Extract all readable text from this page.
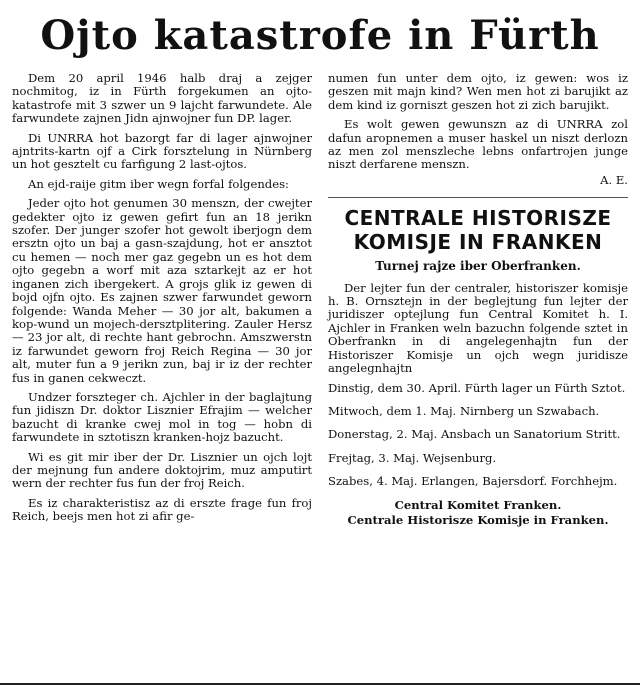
Ojto katastrofe in Fürth

Dem 20 april 1946 halb draj a zejger nochmitog, iz in Fürth forgekumen an ojto-katastrofe mit 3 szwer un 9 lajcht farwundete. Ale farwundete zajnen Jidn ajnwojner fun DP. lager.

Di UNRRA hot bazorgt far di lager ajnwojner ajntrits-kartn ojf a Cirk forsztelung in Nürnberg un hot gesztelt cu farfigung 2 last-ojtos.

An ejd-raije gitm iber wegn forfal folgendes:

Jeder ojto hot genumen 30 menszn, der cwejter gedekter ojto iz gewen gefirt fun an 18 jerikn szofer. Der junger szofer hot gewolt iberjogn dem ersztn ojto un baj a gasn-szajdung, hot er ansztot cu hemen — noch mer gaz gegebn un es hot dem ojto gegebn a worf mit aza sztarkejt az er hot inganen zich ibergekert. A grojs glik iz gewen di bojd ojfn ojto. Es zajnen szwer farwundet geworn folgende: Wanda Meher — 30 jor alt, bakumen a kop-wund un mojech-dersztplitering. Zauler Hersz — 23 jor alt, di rechte hant gebrochn. Amszwerstn iz farwundet geworn froj Reich Regina — 30 jor alt, muter fun a 9 jerikn zun, baj ir iz der rechter fus in ganen cekweczt.

Undzer forszteger ch. Ajchler in der baglajtung fun jidiszn Dr. doktor Lisznier Efrajim — welcher bazucht di kranke cwej mol in tog — hobn di farwundete in sztotiszn kranken-hojz bazucht.

Wi es git mir iber der Dr. Lisznier un ojch lojt der mejnung fun andere doktojrim, muz amputirt wern der rechter fus fun der froj Reich.

Es iz charakteristisz az di erszte frage fun froj Reich, beejs men hot zi afir ge-

numen fun unter dem ojto, iz gewen: wos iz geszen mit majn kind? Wen men hot zi barujikt az dem kind iz gorniszt geszen hot zi zich barujikt.

Es wolt gewen gewunszn az di UNRRA zol dafun aropnemen a muser haskel un niszt derlozn az men zol menszleche lebns onfartrojen junge niszt derfarene menszn.

A. E.

CENTRALE HISTORISZE
KOMISJE IN FRANKEN
Turnej rajze iber Oberfranken.

Der lejter fun der centraler, historiszer komisje h. B. Ornsztejn in der beglejtung fun lejter der juridiszer optejlung fun Central Komitet h. I. Ajchler in Franken weln bazuchn folgende sztet in Oberfrankn in di angelegenhajtn fun der Historiszer Komisje un ojch wegn juridisze angelegnhajtn

Dinstig, dem 30. April. Fürth lager un Fürth Sztot.

Mitwoch, dem 1. Maj. Nirnberg un Szwabach.

Donerstag, 2. Maj. Ansbach un Sanatorium Stritt.

Frejtag, 3. Maj. Wejsenburg.

Szabes, 4. Maj. Erlangen, Bajersdorf. Forchhejm.

Central Komitet Franken.
Centrale Historisze Komisje in Franken.
